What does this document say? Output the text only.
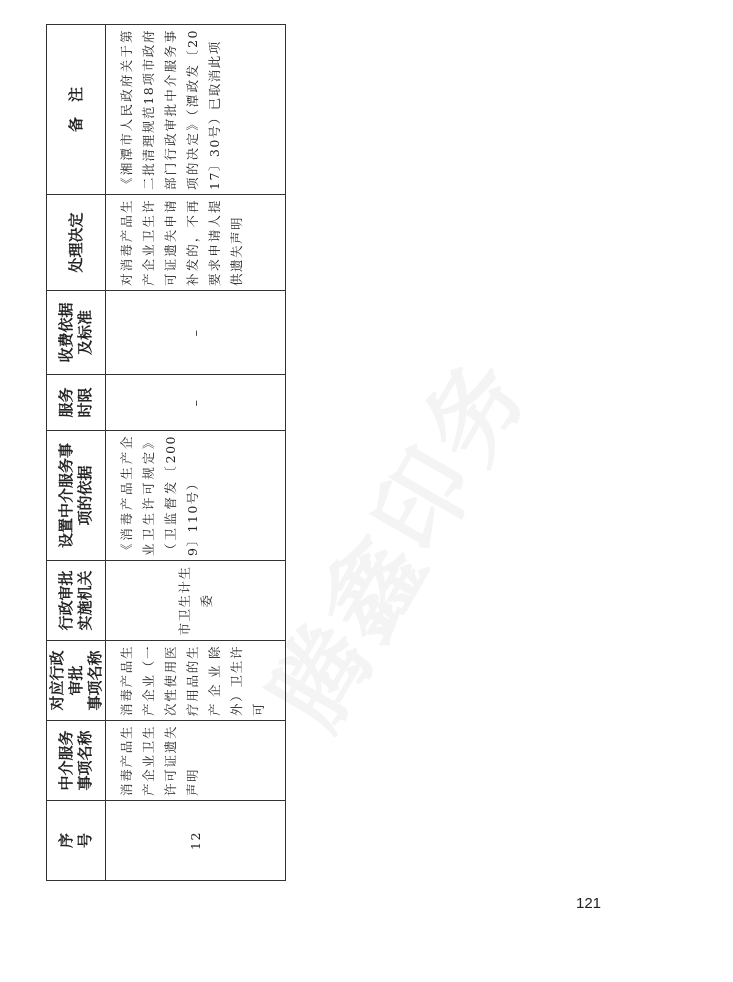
序 号	中介服务 事项名称	对应行政 审批 事项名称	行政审批 实施机关	设置中介服务事 项的依据	服务 时限	收费依据 及标准	处理决定	备　注

12	消毒产品生产企业卫生许可证遗失声明	消毒产品生产企业（一次性使用医疗用品的生产企业除外）卫生许可	市卫生计生委	《消毒产品生产企业卫生许可规定》（卫监督发〔2009〕110号）	–	–	对消毒产品生产企业卫生许可证遗失申请补发的，不再要求申请人提供遗失声明	《湘潭市人民政府关于第二批清理规范18项市政府部门行政审批中介服务事项的决定》（潭政发〔2017〕30号）已取消此项
121
